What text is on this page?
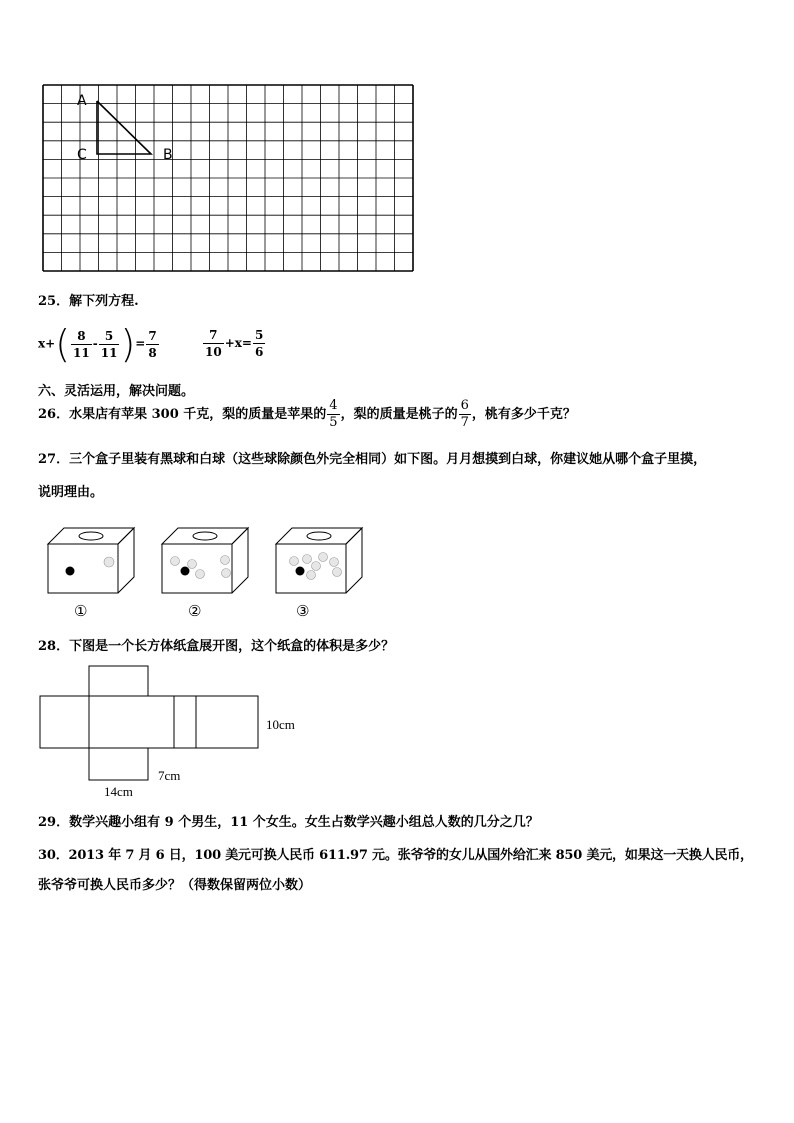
A
C	B
25．解下列方程.
$x+( \frac{8}{11} - \frac{5}{11}$ )= $\frac{7}{8}$	$\frac{7}{10} +x= \frac{5}{6}$
六、灵活运用，解决问题。
26．水果店有苹果 300 千克，梨的质量是苹果的 $\frac{4}{5}$ ，梨的质量是桃子的 $\frac{6}{7}$ ，桃有多少千克？
27．三个盒子里装有黑球和白球（这些球除颜色外完全相同）如下图。月月想摸到白球，你建议她从哪个盒子里摸，
说明理由。
①	②	③
28．下图是一个长方体纸盒展开图，这个纸盒的体积是多少？
10cm
7cm
14cm
29．数学兴趣小组有 9 个男生，11 个女生。女生占数学兴趣小组总人数的几分之几？
30．2013 年 7 月 6 日，100 美元可换人民币 611.97 元。张爷爷的女儿从国外给汇来 850 美元，如果这一天换人民币，
张爷爷可换人民币多少？（得数保留两位小数）
